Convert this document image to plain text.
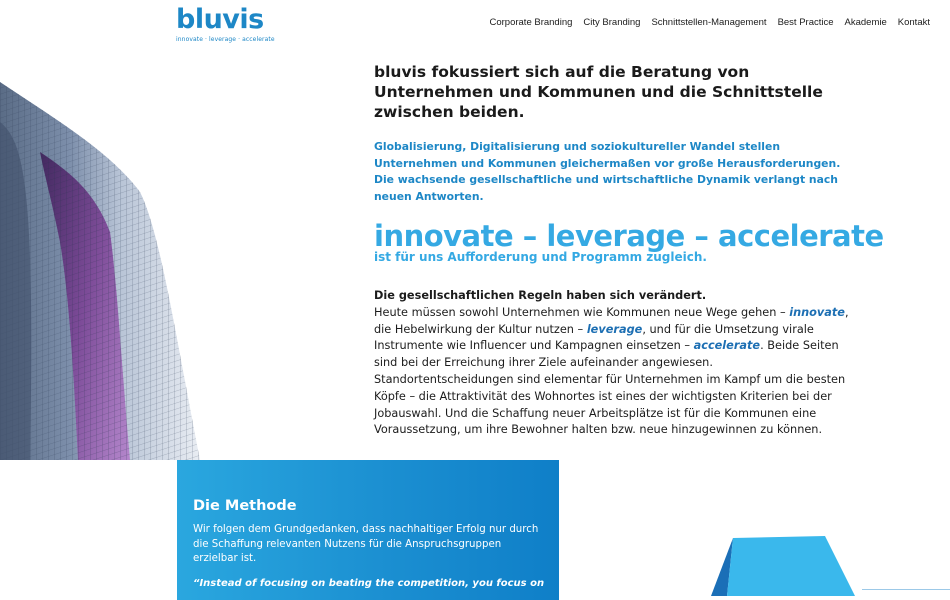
bluvis
innovate · leverage · accelerate
Corporate Branding City Branding Schnittstellen-Management Best Practice Akademie Kontakt
bluvis fokussiert sich auf die Beratung von Unternehmen und Kommunen und die Schnittstelle zwischen beiden.
Globalisierung, Digitalisierung und soziokultureller Wandel stellen Unternehmen und Kommunen gleichermaßen vor große Herausforderungen. Die wachsende gesellschaftliche und wirtschaftliche Dynamik verlangt nach neuen Antworten.
innovate – leverage – accelerate
ist für uns Aufforderung und Programm zugleich.
Die gesellschaftlichen Regeln haben sich verändert.
Heute müssen sowohl Unternehmen wie Kommunen neue Wege gehen – innovate, die Hebelwirkung der Kultur nutzen – leverage, und für die Umsetzung virale Instrumente wie Influencer und Kampagnen einsetzen – accelerate. Beide Seiten sind bei der Erreichung ihrer Ziele aufeinander angewiesen. Standortentscheidungen sind elementar für Unternehmen im Kampf um die besten Köpfe – die Attraktivität des Wohnortes ist eines der wichtigsten Kriterien bei der Jobauswahl. Und die Schaffung neuer Arbeitsplätze ist für die Kommunen eine Voraussetzung, um ihre Bewohner halten bzw. neue hinzugewinnen zu können.
Die Methode

Wir folgen dem Grundgedanken, dass nachhaltiger Erfolg nur durch die Schaffung relevanten Nutzens für die Anspruchsgruppen erzielbar ist.

“Instead of focusing on beating the competition, you focus on
